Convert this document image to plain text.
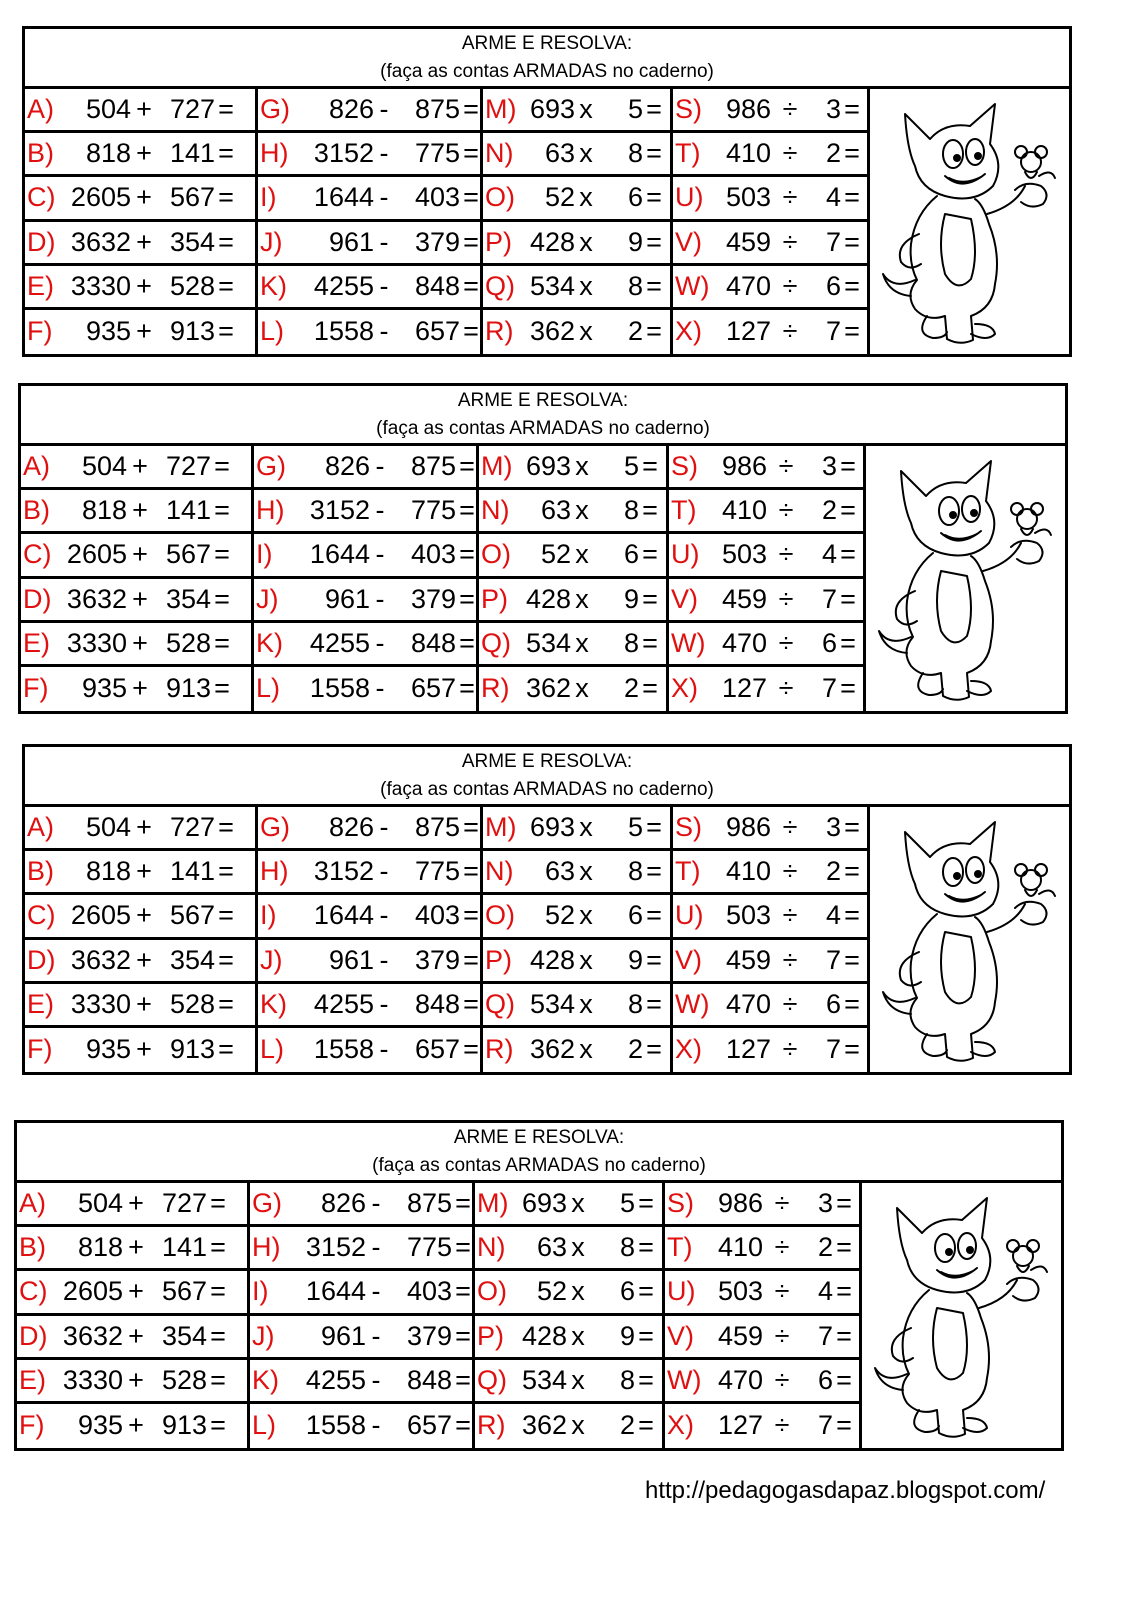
ARME E RESOLVA:
(faça as contas ARMADAS no caderno)
A)	504 + 727 = G)	826 - 875 = M) 693 x	5 = S) 986 ÷	3 =
B)	818 + 141 = H) 3152 - 775 = N)	63 x	8 = T) 410 ÷	2 =
C) 2605 + 567 = I)	1644 - 403 = O)	52 x	6 = U) 503 ÷	4 =
D) 3632 + 354 = J)	961 - 379 = P) 428 x	9 = V) 459 ÷	7 =
E) 3330 + 528 = K) 4255 - 848 = Q) 534 x	8 = W) 470 ÷	6 =
F)	935 + 913 = L)	1558 - 657 = R) 362 x	2 = X) 127 ÷	7 =
ARME E RESOLVA:
(faça as contas ARMADAS no caderno)
A)	504 + 727 = G)	826 - 875 = M) 693 x	5 = S) 986 ÷	3 =
B)	818 + 141 = H) 3152 - 775 = N)	63 x	8 = T) 410 ÷	2 =
C) 2605 + 567 = I)	1644 - 403 = O)	52 x	6 = U) 503 ÷	4 =
D) 3632 + 354 = J)	961 - 379 = P) 428 x	9 = V) 459 ÷	7 =
E) 3330 + 528 = K) 4255 - 848 = Q) 534 x	8 = W) 470 ÷	6 =
F)	935 + 913 = L)	1558 - 657 = R) 362 x	2 = X) 127 ÷	7 =
ARME E RESOLVA:
(faça as contas ARMADAS no caderno)
A)	504 + 727 = G)	826 - 875 = M) 693 x	5 = S) 986 ÷	3 =
B)	818 + 141 = H) 3152 - 775 = N)	63 x	8 = T) 410 ÷	2 =
C) 2605 + 567 = I)	1644 - 403 = O)	52 x	6 = U) 503 ÷	4 =
D) 3632 + 354 = J)	961 - 379 = P) 428 x	9 = V) 459 ÷	7 =
E) 3330 + 528 = K) 4255 - 848 = Q) 534 x	8 = W) 470 ÷	6 =
F)	935 + 913 = L)	1558 - 657 = R) 362 x	2 = X) 127 ÷	7 =
ARME E RESOLVA:
(faça as contas ARMADAS no caderno)
A)	504 + 727 = G)	826 - 875 = M) 693 x	5 = S) 986 ÷	3 =
B)	818 + 141 = H) 3152 - 775 = N)	63 x	8 = T) 410 ÷	2 =
C) 2605 + 567 = I)	1644 - 403 = O)	52 x	6 = U) 503 ÷	4 =
D) 3632 + 354 = J)	961 - 379 = P) 428 x	9 = V) 459 ÷	7 =
E) 3330 + 528 = K) 4255 - 848 = Q) 534 x	8 = W) 470 ÷	6 =
F)	935 + 913 = L)	1558 - 657 = R) 362 x	2 = X) 127 ÷	7 =
http://pedagogasdapaz.blogspot.com/
